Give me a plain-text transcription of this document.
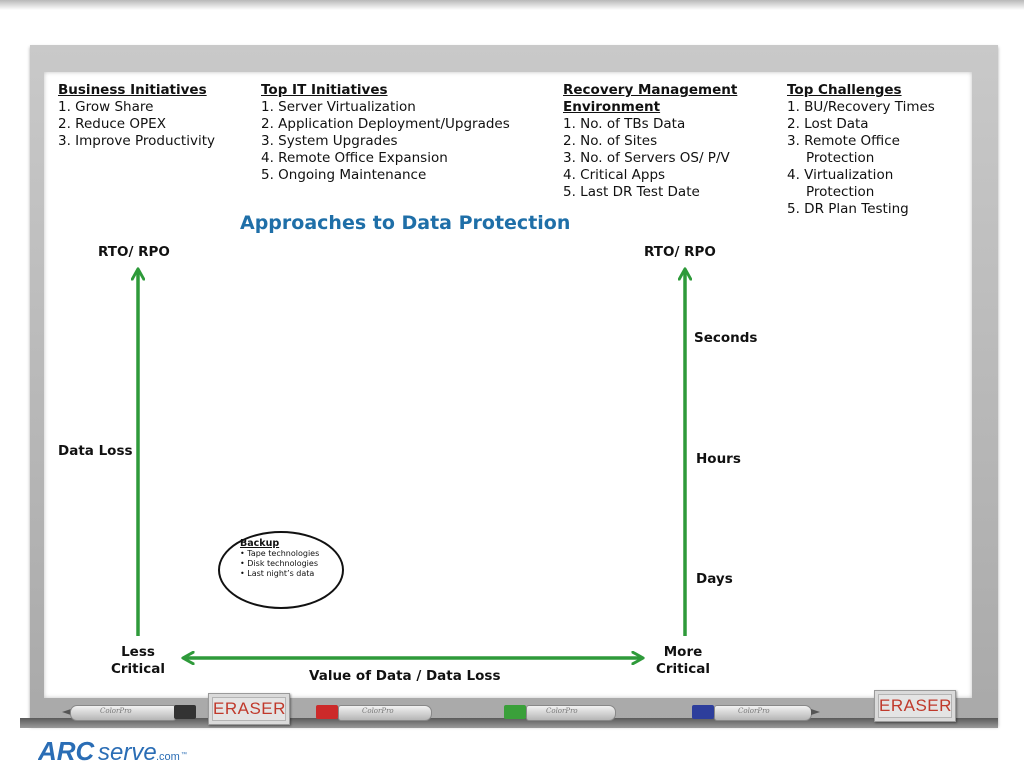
Business Initiatives
1. Grow Share
2. Reduce OPEX
3. Improve Productivity
Top IT Initiatives
1. Server Virtualization
2. Application Deployment/Upgrades
3. System Upgrades
4. Remote Office Expansion
5. Ongoing Maintenance
Recovery Management
Environment
1. No. of TBs Data
2. No. of Sites
3. No. of Servers OS/ P/V
4. Critical Apps
5. Last DR Test Date
Top Challenges
1. BU/Recovery Times
2. Lost Data
3. Remote Office
Protection
4. Virtualization
Protection
5. DR Plan Testing
Approaches to Data Protection
RTO/ RPO	RTO/ RPO
Data Loss
Seconds
Hours
Days
Less
Critical
More
Critical
Value of Data / Data Loss
Backup
• Tape technologies
• Disk technologies
• Last night’s data
ERASER	ERASER
ColorPro	ColorPro	ColorPro	ColorPro
ARC serve .com ™
